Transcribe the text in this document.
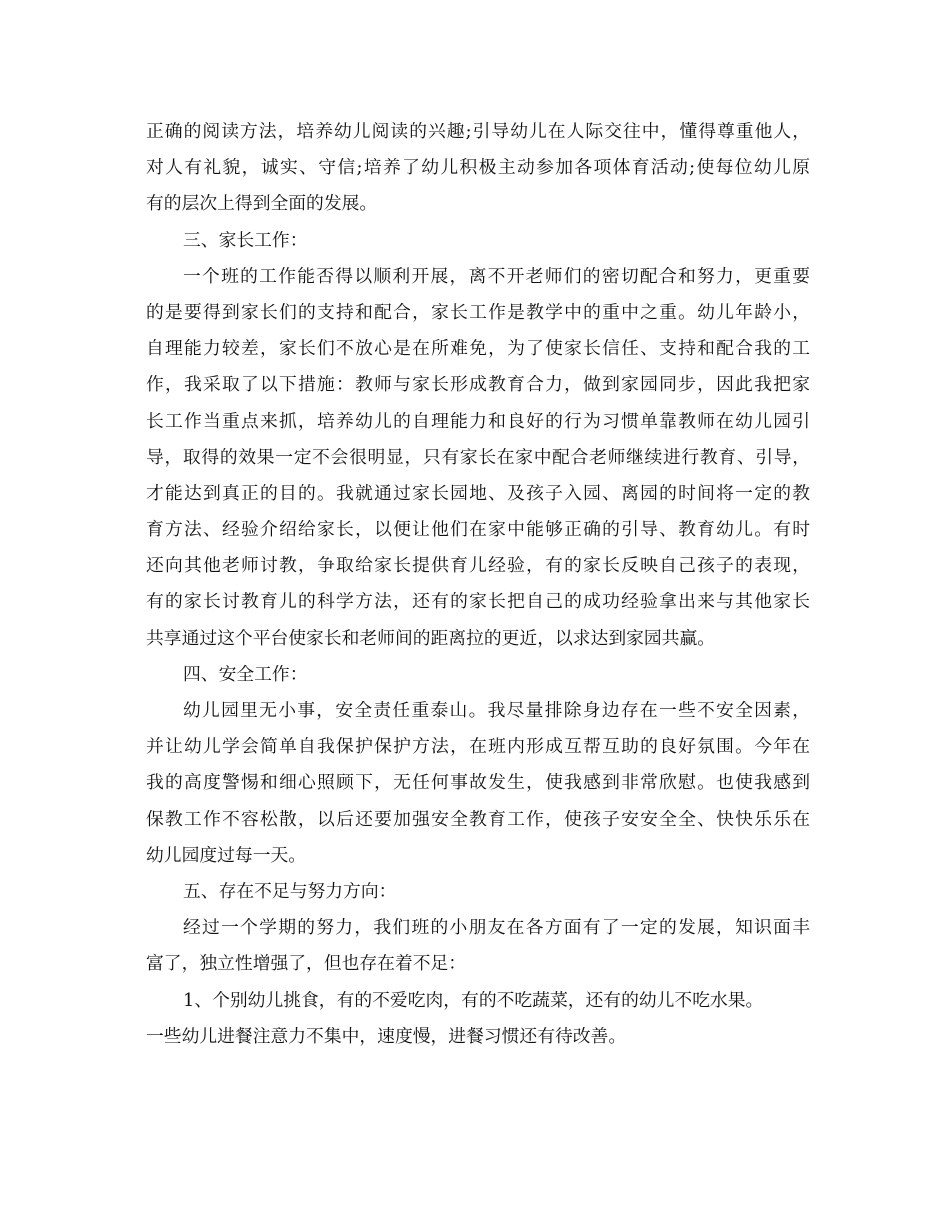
正确的阅读方法，培养幼儿阅读的兴趣;引导幼儿在人际交往中，懂得尊重他人，
对人有礼貌，诚实、守信;培养了幼儿积极主动参加各项体育活动;使每位幼儿原
有的层次上得到全面的发展。
三、家长工作：
一个班的工作能否得以顺利开展，离不开老师们的密切配合和努力，更重要
的是要得到家长们的支持和配合，家长工作是教学中的重中之重。幼儿年龄小，
自理能力较差，家长们不放心是在所难免，为了使家长信任、支持和配合我的工
作，我采取了以下措施：教师与家长形成教育合力，做到家园同步，因此我把家
长工作当重点来抓，培养幼儿的自理能力和良好的行为习惯单靠教师在幼儿园引
导，取得的效果一定不会很明显，只有家长在家中配合老师继续进行教育、引导，
才能达到真正的目的。我就通过家长园地、及孩子入园、离园的时间将一定的教
育方法、经验介绍给家长，以便让他们在家中能够正确的引导、教育幼儿。有时
还向其他老师讨教，争取给家长提供育儿经验，有的家长反映自己孩子的表现，
有的家长讨教育儿的科学方法，还有的家长把自己的成功经验拿出来与其他家长
共享通过这个平台使家长和老师间的距离拉的更近，以求达到家园共赢。
四、安全工作：
幼儿园里无小事，安全责任重泰山。我尽量排除身边存在一些不安全因素，
并让幼儿学会简单自我保护保护方法，在班内形成互帮互助的良好氛围。今年在
我的高度警惕和细心照顾下，无任何事故发生，使我感到非常欣慰。也使我感到
保教工作不容松散，以后还要加强安全教育工作，使孩子安安全全、快快乐乐在
幼儿园度过每一天。
五、存在不足与努力方向：
经过一个学期的努力，我们班的小朋友在各方面有了一定的发展，知识面丰
富了，独立性增强了，但也存在着不足：
1、个别幼儿挑食，有的不爱吃肉，有的不吃蔬菜，还有的幼儿不吃水果。
一些幼儿进餐注意力不集中，速度慢，进餐习惯还有待改善。
